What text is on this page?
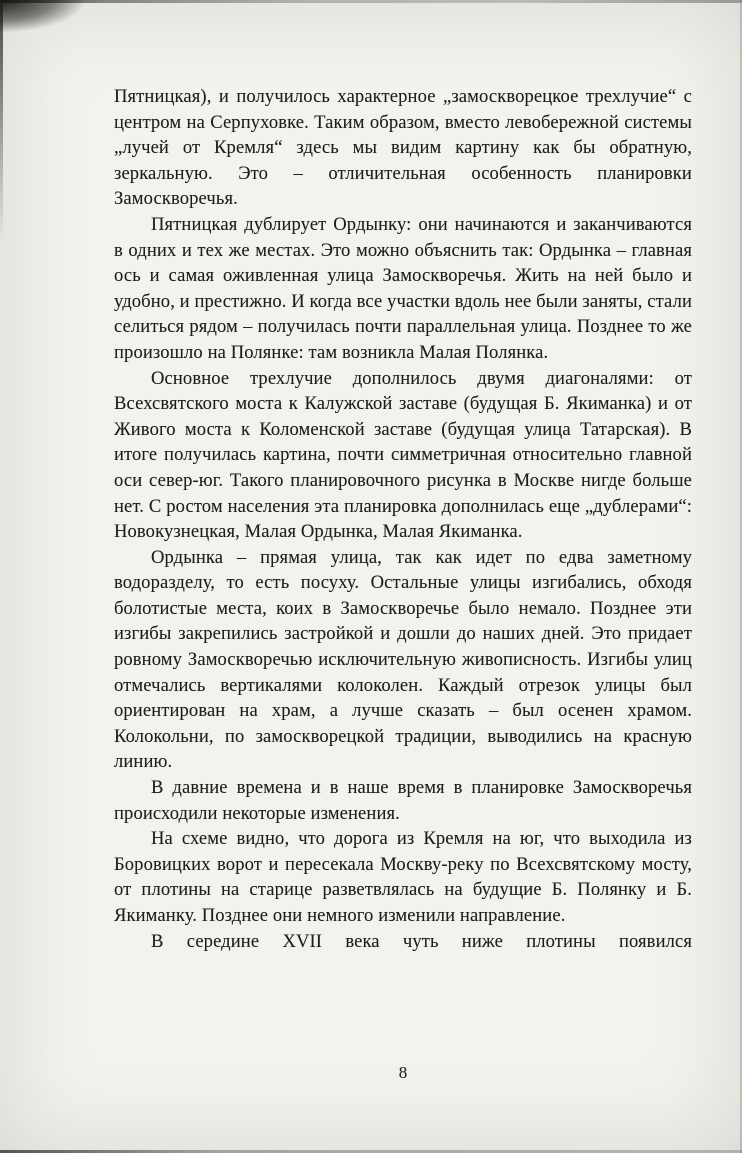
Пятницкая), и получилось характерное „замоскворецкое трехлучие“ с центром на Серпуховке. Таким образом, вместо левобережной системы „лучей от Кремля“ здесь мы видим картину как бы обратную, зеркальную. Это – отличительная особенность планировки Замоскворечья.

Пятницкая дублирует Ордынку: они начинаются и заканчиваются в одних и тех же местах. Это можно объяснить так: Ордынка – главная ось и самая оживленная улица Замоскворечья. Жить на ней было и удобно, и престижно. И когда все участки вдоль нее были заняты, стали селиться рядом – получилась почти параллельная улица. Позднее то же произошло на Полянке: там возникла Малая Полянка.

Основное трехлучие дополнилось двумя диагоналями: от Всехсвятского моста к Калужской заставе (будущая Б. Якиманка) и от Живого моста к Коломенской заставе (будущая улица Татарская). В итоге получилась картина, почти симметричная относительно главной оси север-юг. Такого планировочного рисунка в Москве нигде больше нет. С ростом населения эта планировка дополнилась еще „дублерами“: Новокузнецкая, Малая Ордынка, Малая Якиманка.

Ордынка – прямая улица, так как идет по едва заметному водоразделу, то есть посуху. Остальные улицы изгибались, обходя болотистые места, коих в Замоскворечье было немало. Позднее эти изгибы закрепились застройкой и дошли до наших дней. Это придает ровному Замоскворечью исключительную живописность. Изгибы улиц отмечались вертикалями колоколен. Каждый отрезок улицы был ориентирован на храм, а лучше сказать – был осенен храмом. Колокольни, по замоскворецкой традиции, выводились на красную линию.

В давние времена и в наше время в планировке Замоскворечья происходили некоторые изменения.

На схеме видно, что дорога из Кремля на юг, что выходила из Боровицких ворот и пересекала Москву-реку по Всехсвятскому мосту, от плотины на старице разветвлялась на будущие Б. Полянку и Б. Якиманку. Позднее они немного изменили направление.

В середине XVII века чуть ниже плотины появился

8
